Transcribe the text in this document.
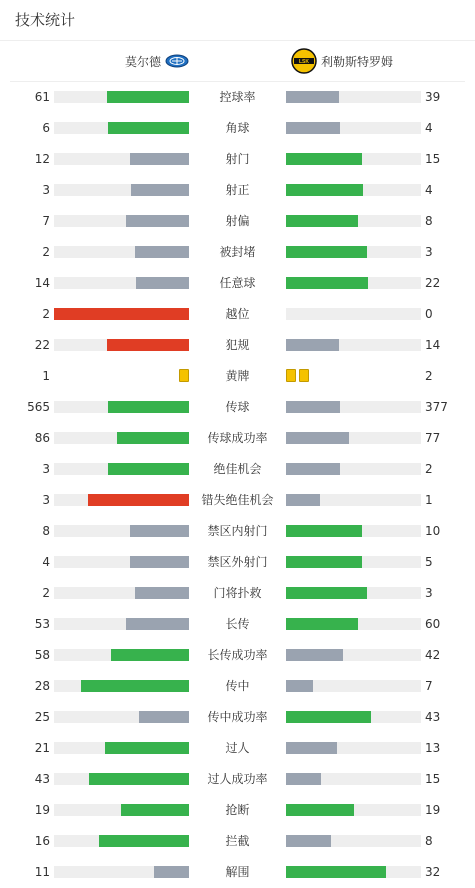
技术统计
莫尔德	LSK 利勒斯特罗姆
61	控球率	39
6	角球	4
12	射门	15
3	射正	4
7	射偏	8
2	被封堵	3
14	任意球	22
2	越位	0
22	犯规	14
1	黄牌	2
565	传球	377
86	传球成功率	77
3	绝佳机会	2
3	错失绝佳机会	1
8	禁区内射门	10
4	禁区外射门	5
2	门将扑救	3
53	长传	60
58	长传成功率	42
28	传中	7
25	传中成功率	43
21	过人	13
43	过人成功率	15
19	抢断	19
16	拦截	8
11	解围	32
